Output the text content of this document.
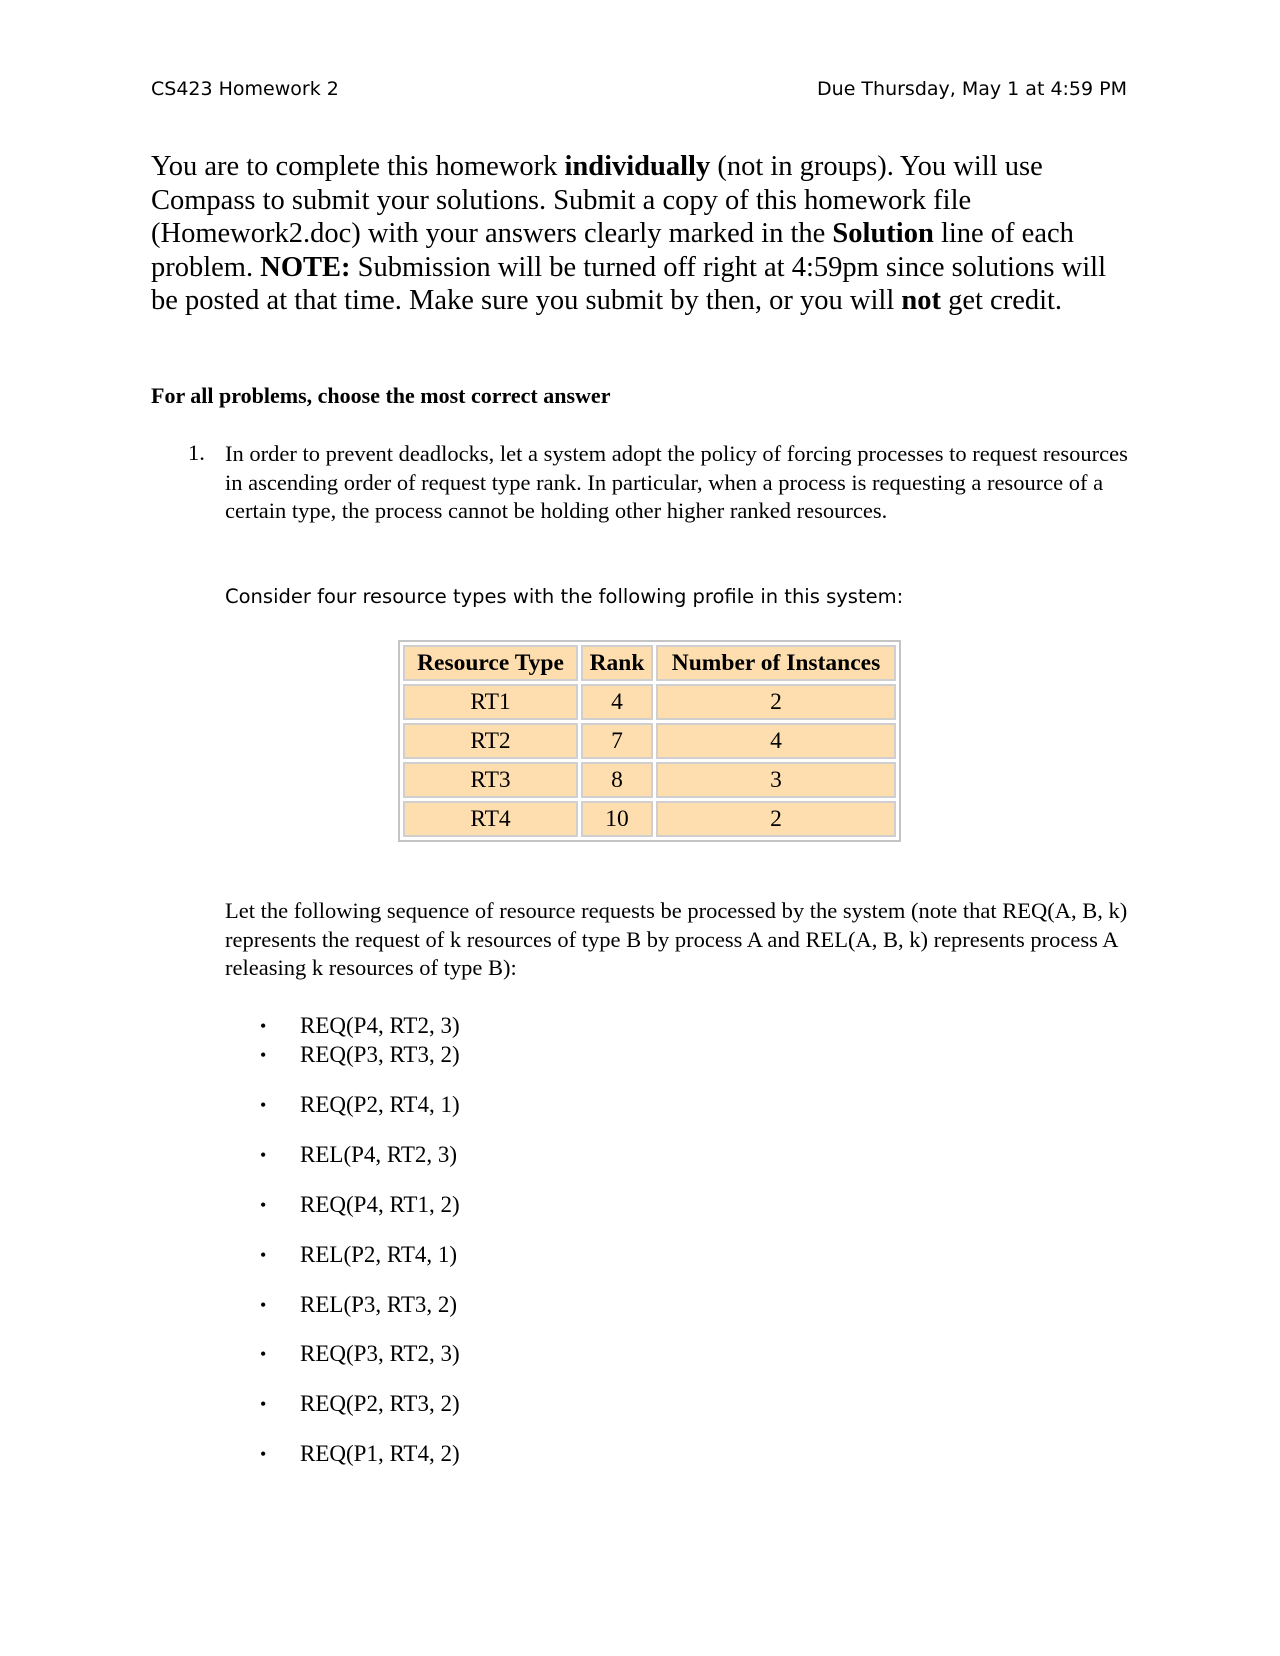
CS423 Homework 2	Due Thursday, May 1 at 4:59 PM

You are to complete this homework individually (not in groups). You will use Compass to submit your solutions. Submit a copy of this homework file (Homework2.doc) with your answers clearly marked in the Solution line of each problem. NOTE: Submission will be turned off right at 4:59pm since solutions will be posted at that time. Make sure you submit by then, or you will not get credit.

For all problems, choose the most correct answer

1. In order to prevent deadlocks, let a system adopt the policy of forcing processes to request resources in ascending order of request type rank. In particular, when a process is requesting a resource of a certain type, the process cannot be holding other higher ranked resources.

Consider four resource types with the following profile in this system:

Resource Type	Rank	Number of Instances
RT1	4	2
RT2	7	4
RT3	8	3
RT4	10	2

Let the following sequence of resource requests be processed by the system (note that REQ(A, B, k) represents the request of k resources of type B by process A and REL(A, B, k) represents process A releasing k resources of type B):

•	REQ(P4, RT2, 3)
•	REQ(P3, RT3, 2)
•	REQ(P2, RT4, 1)
•	REL(P4, RT2, 3)
•	REQ(P4, RT1, 2)
•	REL(P2, RT4, 1)
•	REL(P3, RT3, 2)
•	REQ(P3, RT2, 3)
•	REQ(P2, RT3, 2)
•	REQ(P1, RT4, 2)
